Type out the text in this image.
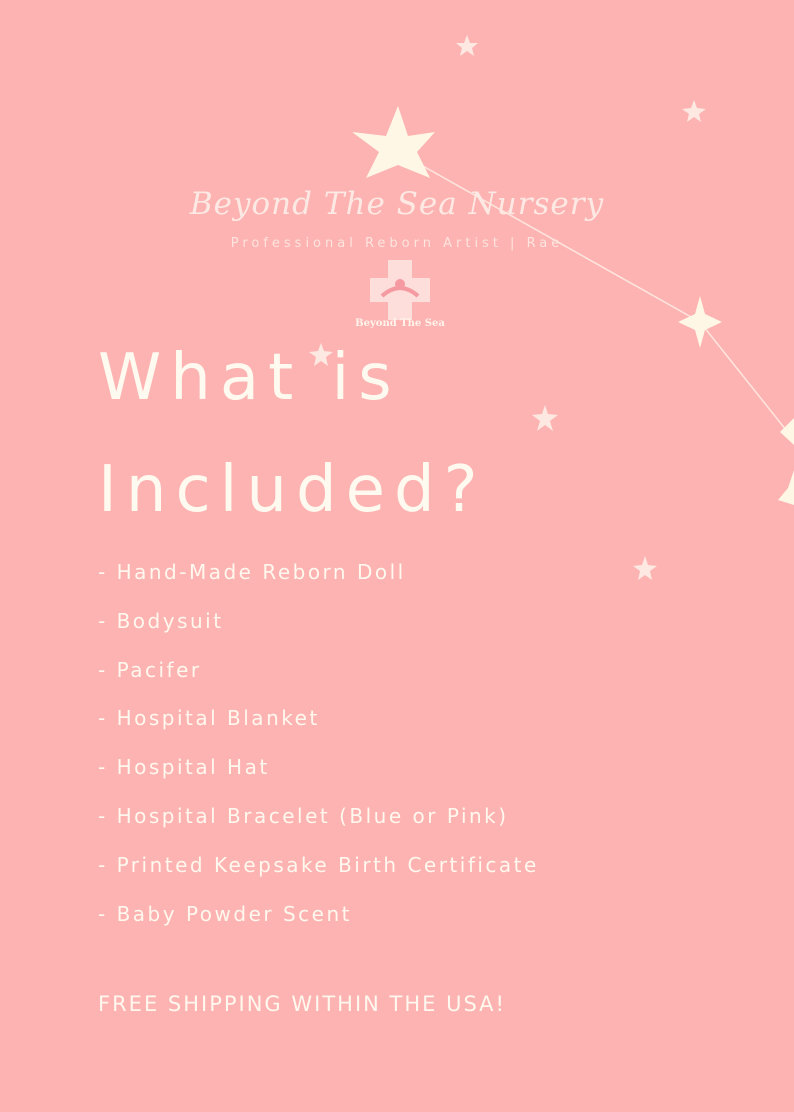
Beyond The Sea Nursery
Professional Reborn Artist | Rae
Beyond The Sea
What is
Included?
- Hand-Made Reborn Doll
- Bodysuit
- Pacifer
- Hospital Blanket
- Hospital Hat
- Hospital Bracelet (Blue or Pink)
- Printed Keepsake Birth Certificate
- Baby Powder Scent
FREE SHIPPING WITHIN THE USA!
